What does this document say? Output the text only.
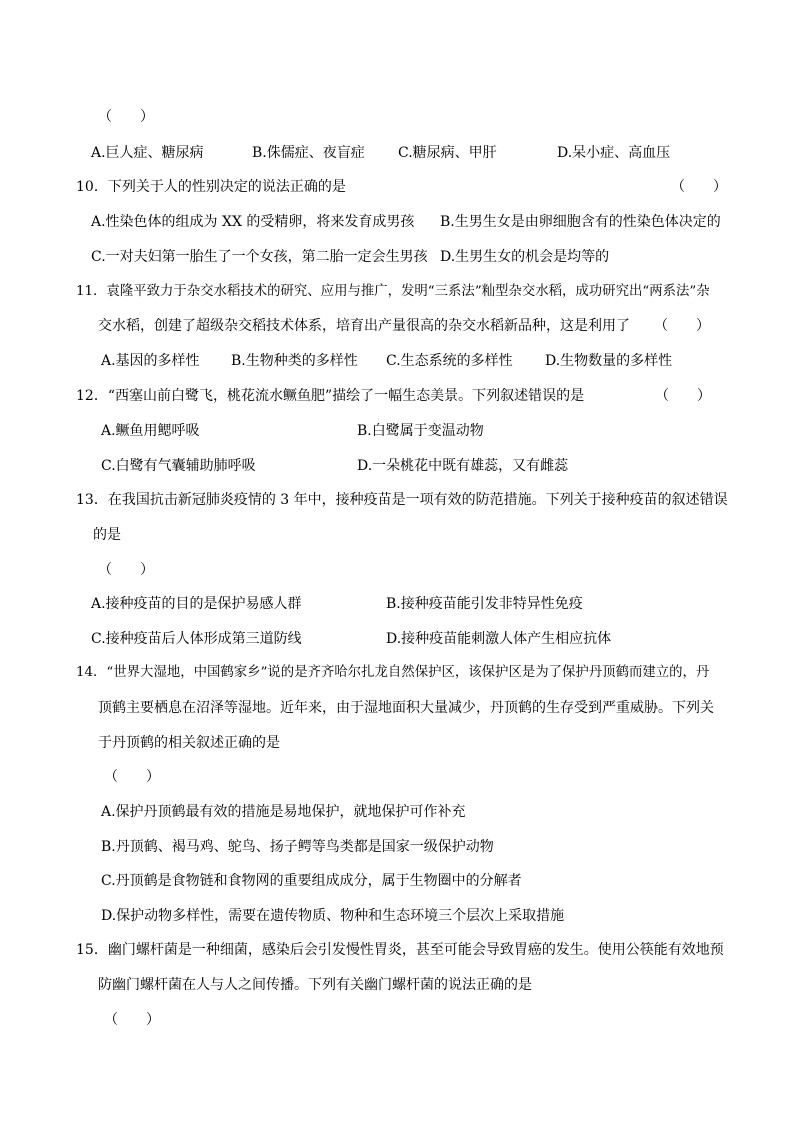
（　　）
A.巨人症、糖尿病	B.侏儒症、夜盲症 C.糖尿病、甲肝	D.呆小症、高血压
10．下列关于人的性别决定的说法正确的是	（　　）
A.性染色体的组成为 XX 的受精卵，将来发育成男孩 B.生男生女是由卵细胞含有的性染色体决定的
C.一对夫妇第一胎生了一个女孩，第二胎一定会生男孩 D.生男生女的机会是均等的
11．袁隆平致力于杂交水稻技术的研究、应用与推广，发明“三系法”籼型杂交水稻，成功研究出“两系法”杂
交水稻，创建了超级杂交稻技术体系，培育出产量很高的杂交水稻新品种，这是利用了 （　　）
A.基因的多样性 B.生物种类的多样性 C.生态系统的多样性 D.生物数量的多样性
12．“西塞山前白鹭飞，桃花流水鳜鱼肥”描绘了一幅生态美景。下列叙述错误的是	（　　）
A.鳜鱼用鳃呼吸	B.白鹭属于变温动物
C.白鹭有气囊辅助肺呼吸	D.一朵桃花中既有雄蕊，又有雌蕊
13．在我国抗击新冠肺炎疫情的 3 年中，接种疫苗是一项有效的防范措施。下列关于接种疫苗的叙述错误
的是
（　　）
A.接种疫苗的目的是保护易感人群	B.接种疫苗能引发非特异性免疫
C.接种疫苗后人体形成第三道防线	D.接种疫苗能刺激人体产生相应抗体
14．“世界大湿地，中国鹤家乡”说的是齐齐哈尔扎龙自然保护区，该保护区是为了保护丹顶鹤而建立的，丹
顶鹤主要栖息在沼泽等湿地。近年来，由于湿地面积大量减少，丹顶鹤的生存受到严重威胁。下列关
于丹顶鹤的相关叙述正确的是
（　　）
A.保护丹顶鹤最有效的措施是易地保护，就地保护可作补充
B.丹顶鹤、褐马鸡、鸵鸟、扬子鳄等鸟类都是国家一级保护动物
C.丹顶鹤是食物链和食物网的重要组成成分，属于生物圈中的分解者
D.保护动物多样性，需要在遗传物质、物种和生态环境三个层次上采取措施
15．幽门螺杆菌是一种细菌，感染后会引发慢性胃炎，甚至可能会导致胃癌的发生。使用公筷能有效地预
防幽门螺杆菌在人与人之间传播。下列有关幽门螺杆菌的说法正确的是
（　　）
